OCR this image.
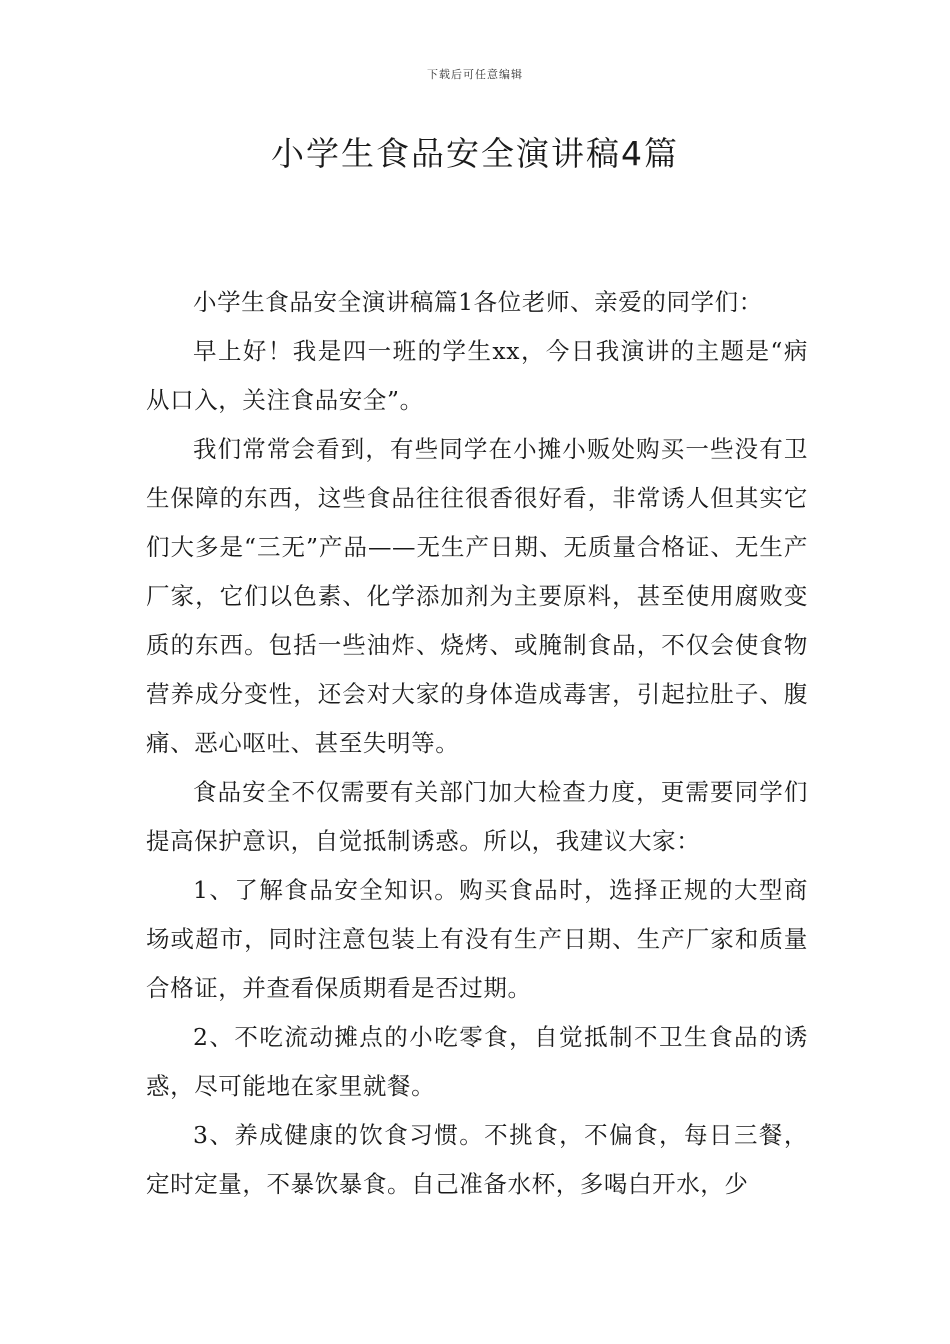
下载后可任意编辑
小学生食品安全演讲稿4篇

小学生食品安全演讲稿篇1各位老师、亲爱的同学们：

早上好！我是四一班的学生xx，今日我演讲的主题是“病从口入，关注食品安全”。

我们常常会看到，有些同学在小摊小贩处购买一些没有卫生保障的东西，这些食品往往很香很好看，非常诱人但其实它们大多是“三无”产品——无生产日期、无质量合格证、无生产厂家，它们以色素、化学添加剂为主要原料，甚至使用腐败变质的东西。包括一些油炸、烧烤、或腌制食品，不仅会使食物营养成分变性，还会对大家的身体造成毒害，引起拉肚子、腹痛、恶心呕吐、甚至失明等。

食品安全不仅需要有关部门加大检查力度，更需要同学们提高保护意识，自觉抵制诱惑。所以，我建议大家：

1、了解食品安全知识。购买食品时，选择正规的大型商场或超市，同时注意包装上有没有生产日期、生产厂家和质量合格证，并查看保质期看是否过期。

2、不吃流动摊点的小吃零食，自觉抵制不卫生食品的诱惑，尽可能地在家里就餐。

3、养成健康的饮食习惯。不挑食，不偏食，每日三餐，定时定量，不暴饮暴食。自己准备水杯，多喝白开水，少
